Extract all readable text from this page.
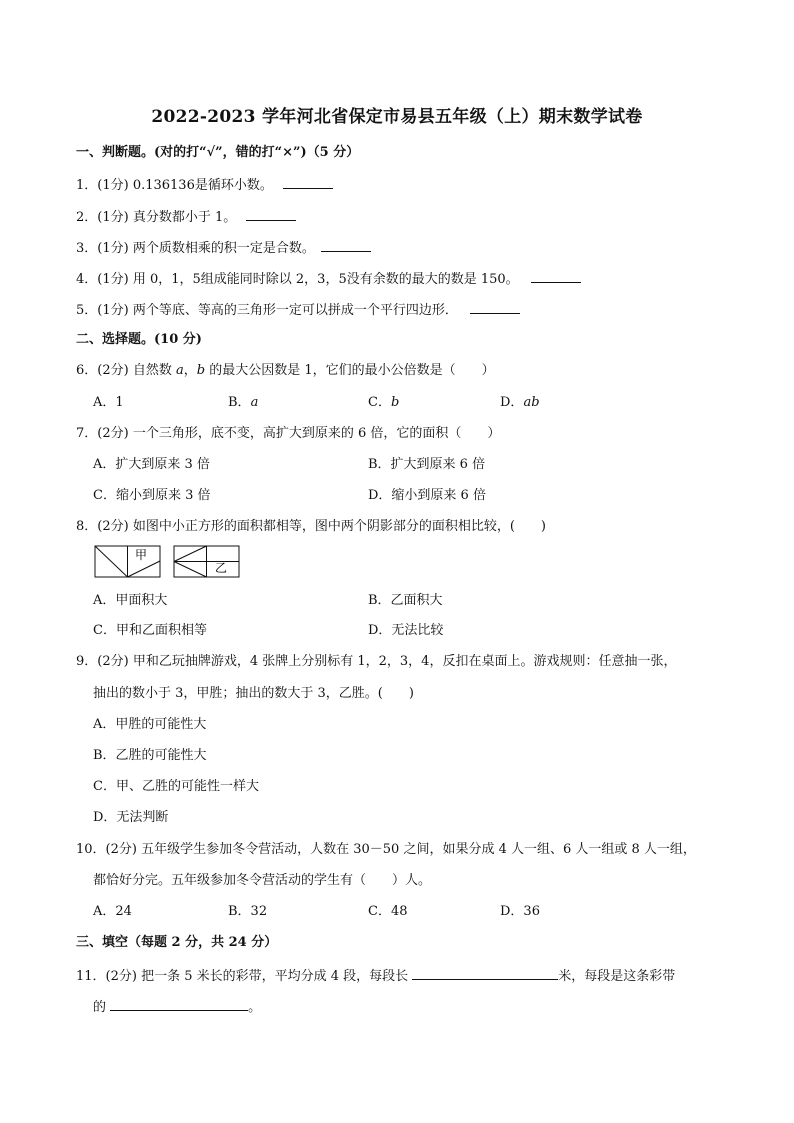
2022-2023 学年河北省保定市易县五年级（上）期末数学试卷
一、判断题。(对的打“√”，错的打“×”)（5 分）
1．(1分) 0.136136是循环小数。
2．(1分) 真分数都小于 1。
3．(1分) 两个质数相乘的积一定是合数。
4．(1分) 用 0，1，5组成能同时除以 2，3，5没有余数的最大的数是 150。
5．(1分) 两个等底、等高的三角形一定可以拼成一个平行四边形．
二、选择题。(10 分)
6．(2分) 自然数 a，b 的最大公因数是 1，它们的最小公倍数是（　　）
A．1	B．a	C．b	D．ab
7．(2分) 一个三角形，底不变，高扩大到原来的 6 倍，它的面积（　　）
A．扩大到原来 3 倍	B．扩大到原来 6 倍
C．缩小到原来 3 倍	D．缩小到原来 6 倍
8．(2分) 如图中小正方形的面积都相等，图中两个阴影部分的面积相比较，(　　)
甲
乙
A．甲面积大	B．乙面积大
C．甲和乙面积相等	D．无法比较
9．(2分) 甲和乙玩抽牌游戏，4 张牌上分别标有 1，2，3，4，反扣在桌面上。游戏规则：任意抽一张，
抽出的数小于 3，甲胜；抽出的数大于 3，乙胜。(　　)
A．甲胜的可能性大
B．乙胜的可能性大
C．甲、乙胜的可能性一样大
D．无法判断
10．(2分) 五年级学生参加冬令营活动，人数在 30－50 之间，如果分成 4 人一组、6 人一组或 8 人一组，
都恰好分完。五年级参加冬令营活动的学生有（　　）人。
A．24	B．32	C．48	D．36
三、填空（每题 2 分，共 24 分）
11．(2分) 把一条 5 米长的彩带，平均分成 4 段，每段长	米，每段是这条彩带
的	。
